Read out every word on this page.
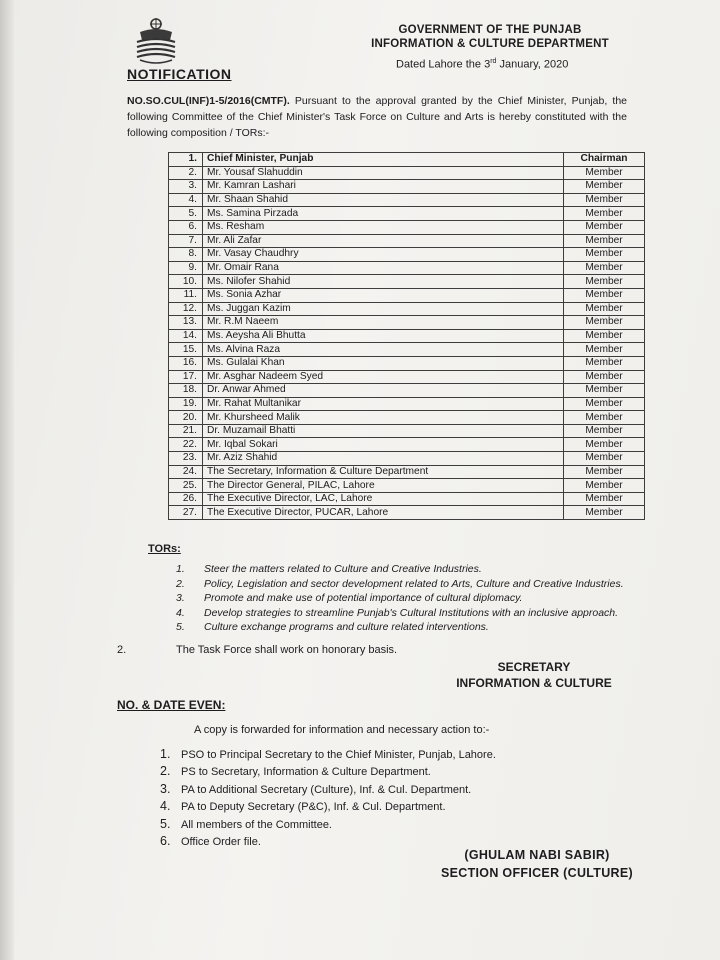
GOVERNMENT OF THE PUNJAB
INFORMATION & CULTURE DEPARTMENT
Dated Lahore the 3rd January, 2020
NOTIFICATION
NO.SO.CUL(INF)1-5/2016(CMTF). Pursuant to the approval granted by the Chief Minister, Punjab, the following Committee of the Chief Minister's Task Force on Culture and Arts is hereby constituted with the following composition / TORs:-
1.	Chief Minister, Punjab	Chairman
2.	Mr. Yousaf Slahuddin	Member
3.	Mr. Kamran Lashari	Member
4.	Mr. Shaan Shahid	Member
5.	Ms. Samina Pirzada	Member
6.	Ms. Resham	Member
7.	Mr. Ali Zafar	Member
8.	Mr. Vasay Chaudhry	Member
9.	Mr. Omair Rana	Member
10.	Ms. Nilofer Shahid	Member
11.	Ms. Sonia Azhar	Member
12.	Ms. Juggan Kazim	Member
13.	Mr. R.M Naeem	Member
14.	Ms. Aeysha Ali Bhutta	Member
15.	Ms. Alvina Raza	Member
16.	Ms. Gulalai Khan	Member
17.	Mr. Asghar Nadeem Syed	Member
18.	Dr. Anwar Ahmed	Member
19.	Mr. Rahat Multanikar	Member
20.	Mr. Khursheed Malik	Member
21.	Dr. Muzamail Bhatti	Member
22.	Mr. Iqbal Sokari	Member
23.	Mr. Aziz Shahid	Member
24.	The Secretary, Information & Culture Department	Member
25.	The Director General, PILAC, Lahore	Member
26.	The Executive Director, LAC, Lahore	Member
27.	The Executive Director, PUCAR, Lahore	Member
TORs:
1. Steer the matters related to Culture and Creative Industries.
2. Policy, Legislation and sector development related to Arts, Culture and Creative Industries.
3. Promote and make use of potential importance of cultural diplomacy.
4. Develop strategies to streamline Punjab's Cultural Institutions with an inclusive approach.
5. Culture exchange programs and culture related interventions.
2.	The Task Force shall work on honorary basis.
SECRETARY
INFORMATION & CULTURE
NO. & DATE EVEN:
A copy is forwarded for information and necessary action to:-
1. PSO to Principal Secretary to the Chief Minister, Punjab, Lahore.
2. PS to Secretary, Information & Culture Department.
3. PA to Additional Secretary (Culture), Inf. & Cul. Department.
4. PA to Deputy Secretary (P&C), Inf. & Cul. Department.
5. All members of the Committee.
6. Office Order file.
(GHULAM NABI SABIR)
SECTION OFFICER (CULTURE)
